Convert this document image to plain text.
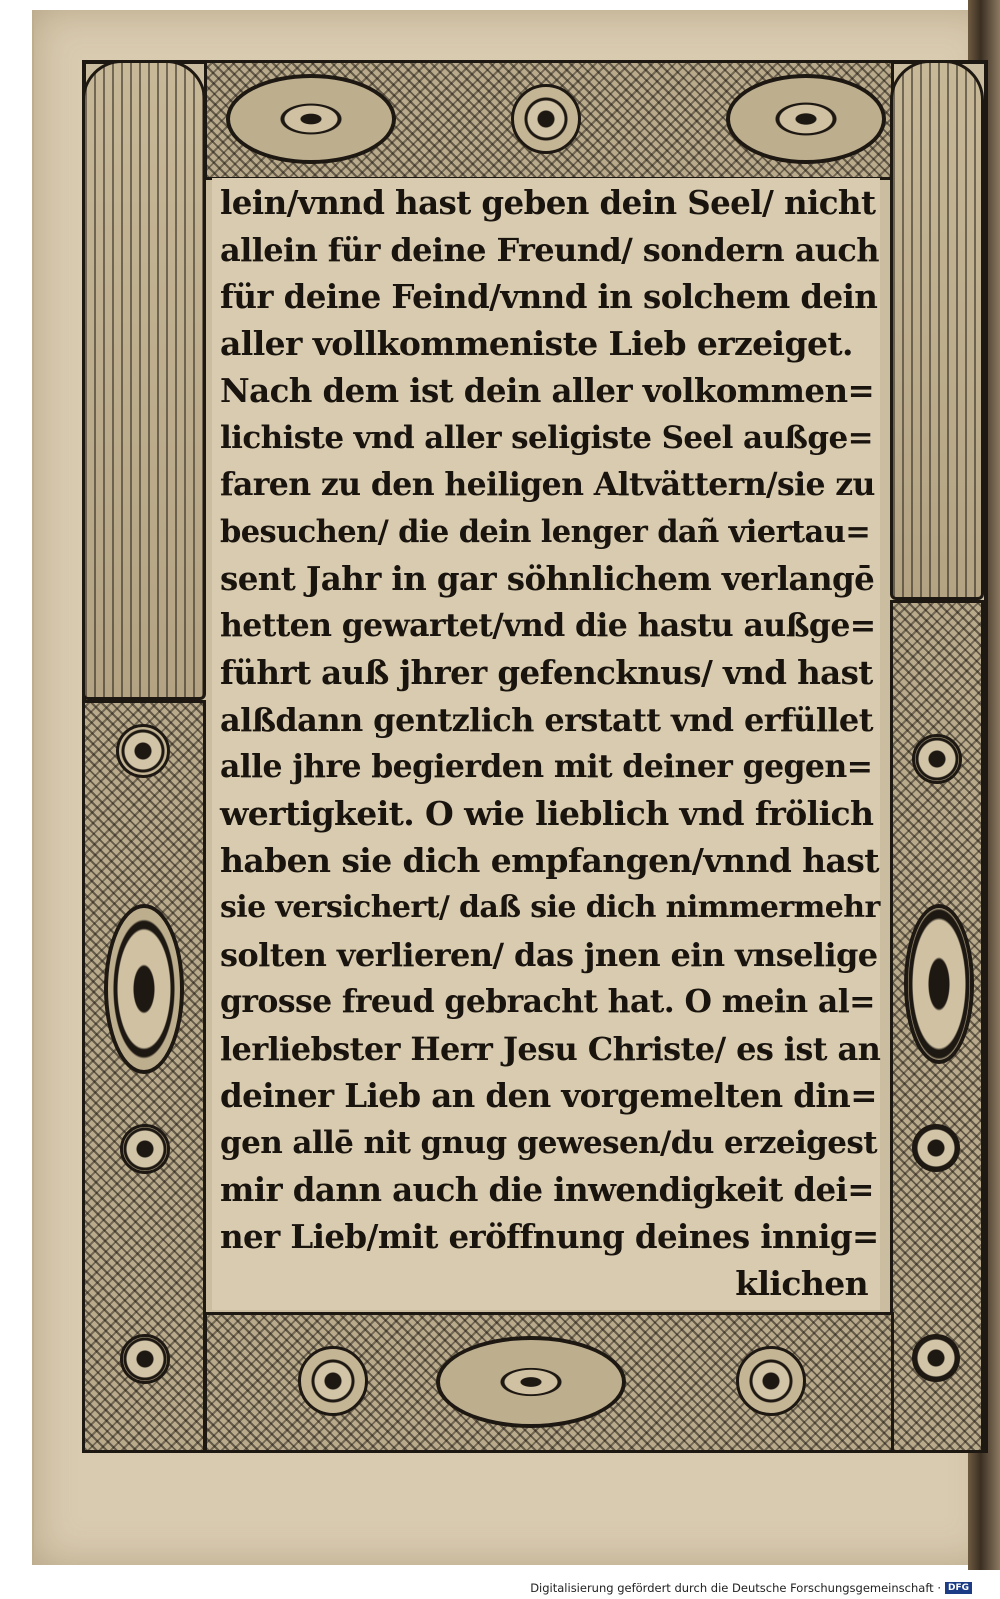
lein/vnnd hast geben dein Seel/ nicht
allein für deine Freund/ sondern auch
für deine Feind/vnnd in solchem dein
aller vollkommeniste Lieb erzeiget.
Nach dem ist dein aller volkommen=
lichiste vnd aller seligiste Seel außge=
faren zu den heiligen Altvättern/sie zu
besuchen/ die dein lenger dañ viertau=
sent Jahr in gar söhnlichem verlangē
hetten gewartet/vnd die hastu außge=
führt auß jhrer gefencknus/ vnd hast
alßdann gentzlich erstatt vnd erfüllet
alle jhre begierden mit deiner gegen=
wertigkeit. O wie lieblich vnd frölich
haben sie dich empfangen/vnnd hast
sie versichert/ daß sie dich nimmermehr
solten verlieren/ das jnen ein vnselige
grosse freud gebracht hat. O mein al=
lerliebster Herr Jesu Christe/ es ist an
deiner Lieb an den vorgemelten din=
gen allē nit gnug gewesen/du erzeigest
mir dann auch die inwendigkeit dei=
ner Lieb/mit eröffnung deines innig=
klichen
Digitalisierung gefördert durch die Deutsche Forschungsgemeinschaft · DFG
